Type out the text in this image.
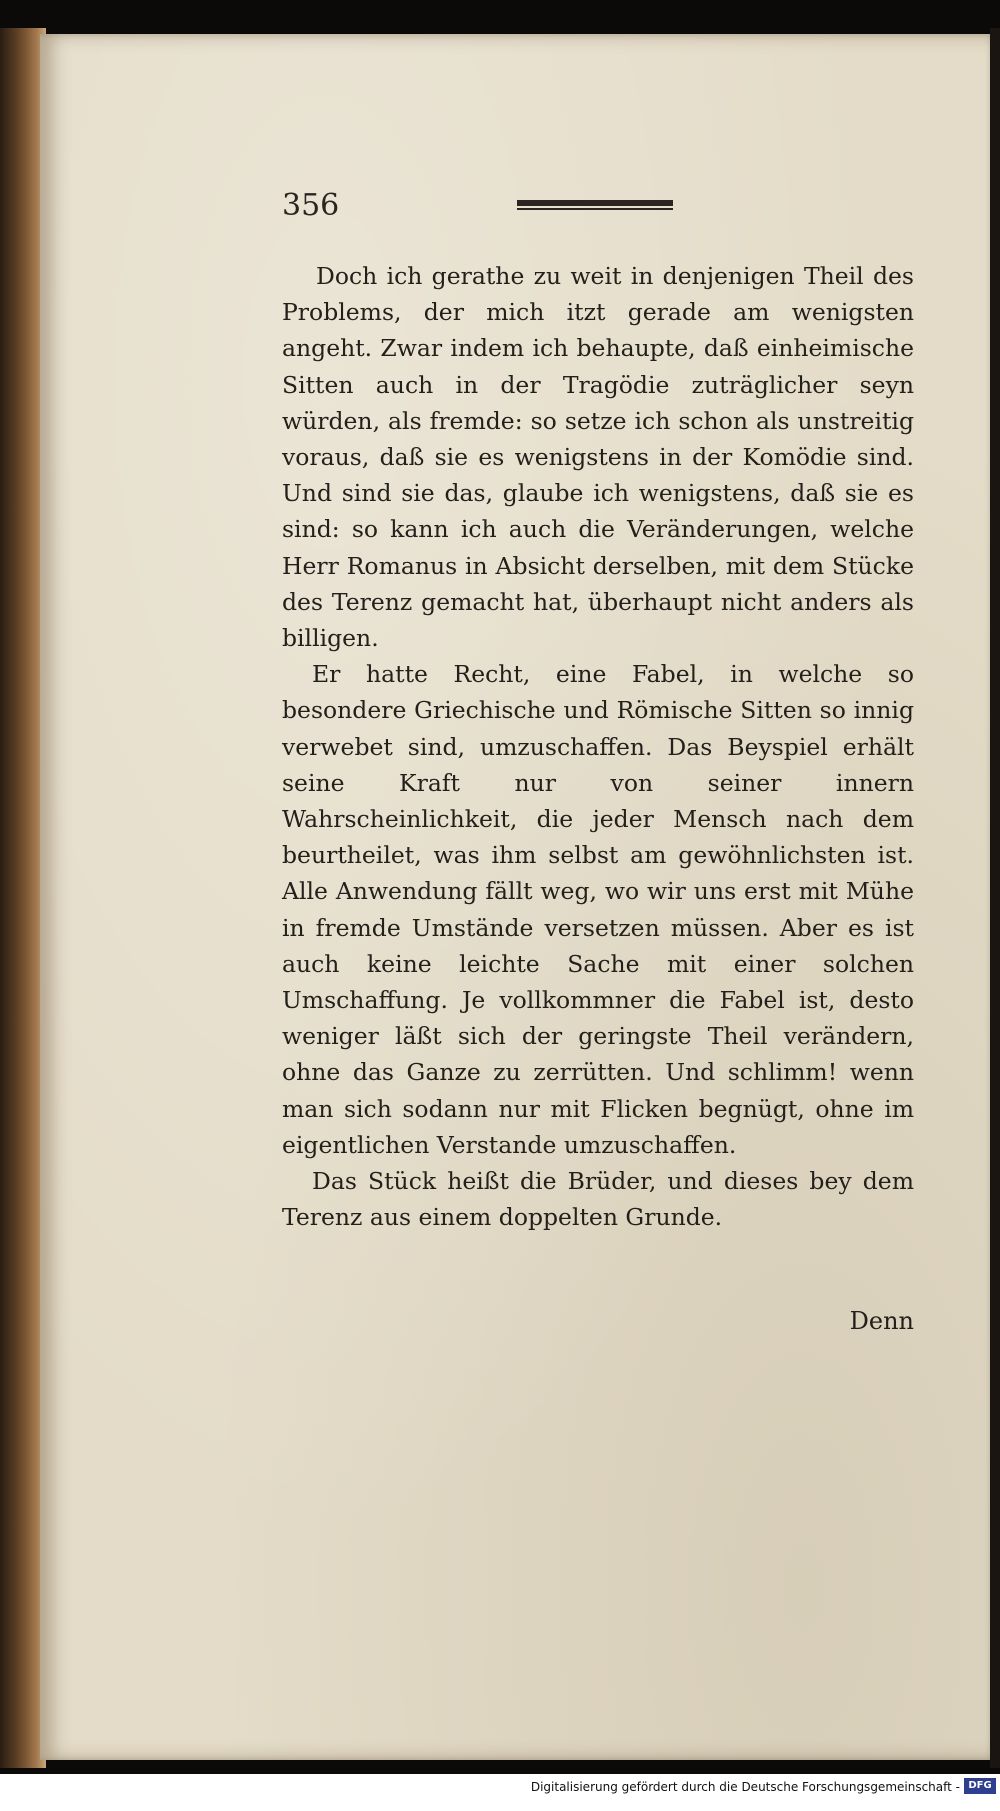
356

Doch ich gerathe zu weit in denjenigen Theil des Problems, der mich itzt gerade am wenigsten angeht. Zwar indem ich behaupte, daß einheimische Sitten auch in der Tragödie zuträglicher seyn würden, als fremde: so setze ich schon als unstreitig voraus, daß sie es wenigstens in der Komödie sind. Und sind sie das, glaube ich wenigstens, daß sie es sind: so kann ich auch die Veränderungen, welche Herr Romanus in Absicht derselben, mit dem Stücke des Terenz gemacht hat, überhaupt nicht anders als billigen.

Er hatte Recht, eine Fabel, in welche so besondere Griechische und Römische Sitten so innig verwebet sind, umzuschaffen. Das Beyspiel erhält seine Kraft nur von seiner innern Wahrscheinlichkeit, die jeder Mensch nach dem beurtheilet, was ihm selbst am gewöhnlichsten ist. Alle Anwendung fällt weg, wo wir uns erst mit Mühe in fremde Umstände versetzen müssen. Aber es ist auch keine leichte Sache mit einer solchen Umschaffung. Je vollkommner die Fabel ist, desto weniger läßt sich der geringste Theil verändern, ohne das Ganze zu zerrütten. Und schlimm! wenn man sich sodann nur mit Flicken begnügt, ohne im eigentlichen Verstande umzuschaffen.

Das Stück heißt die Brüder, und dieses bey dem Terenz aus einem doppelten Grunde.

Denn
Digitalisierung gefördert durch die Deutsche Forschungsgemeinschaft - DFG
